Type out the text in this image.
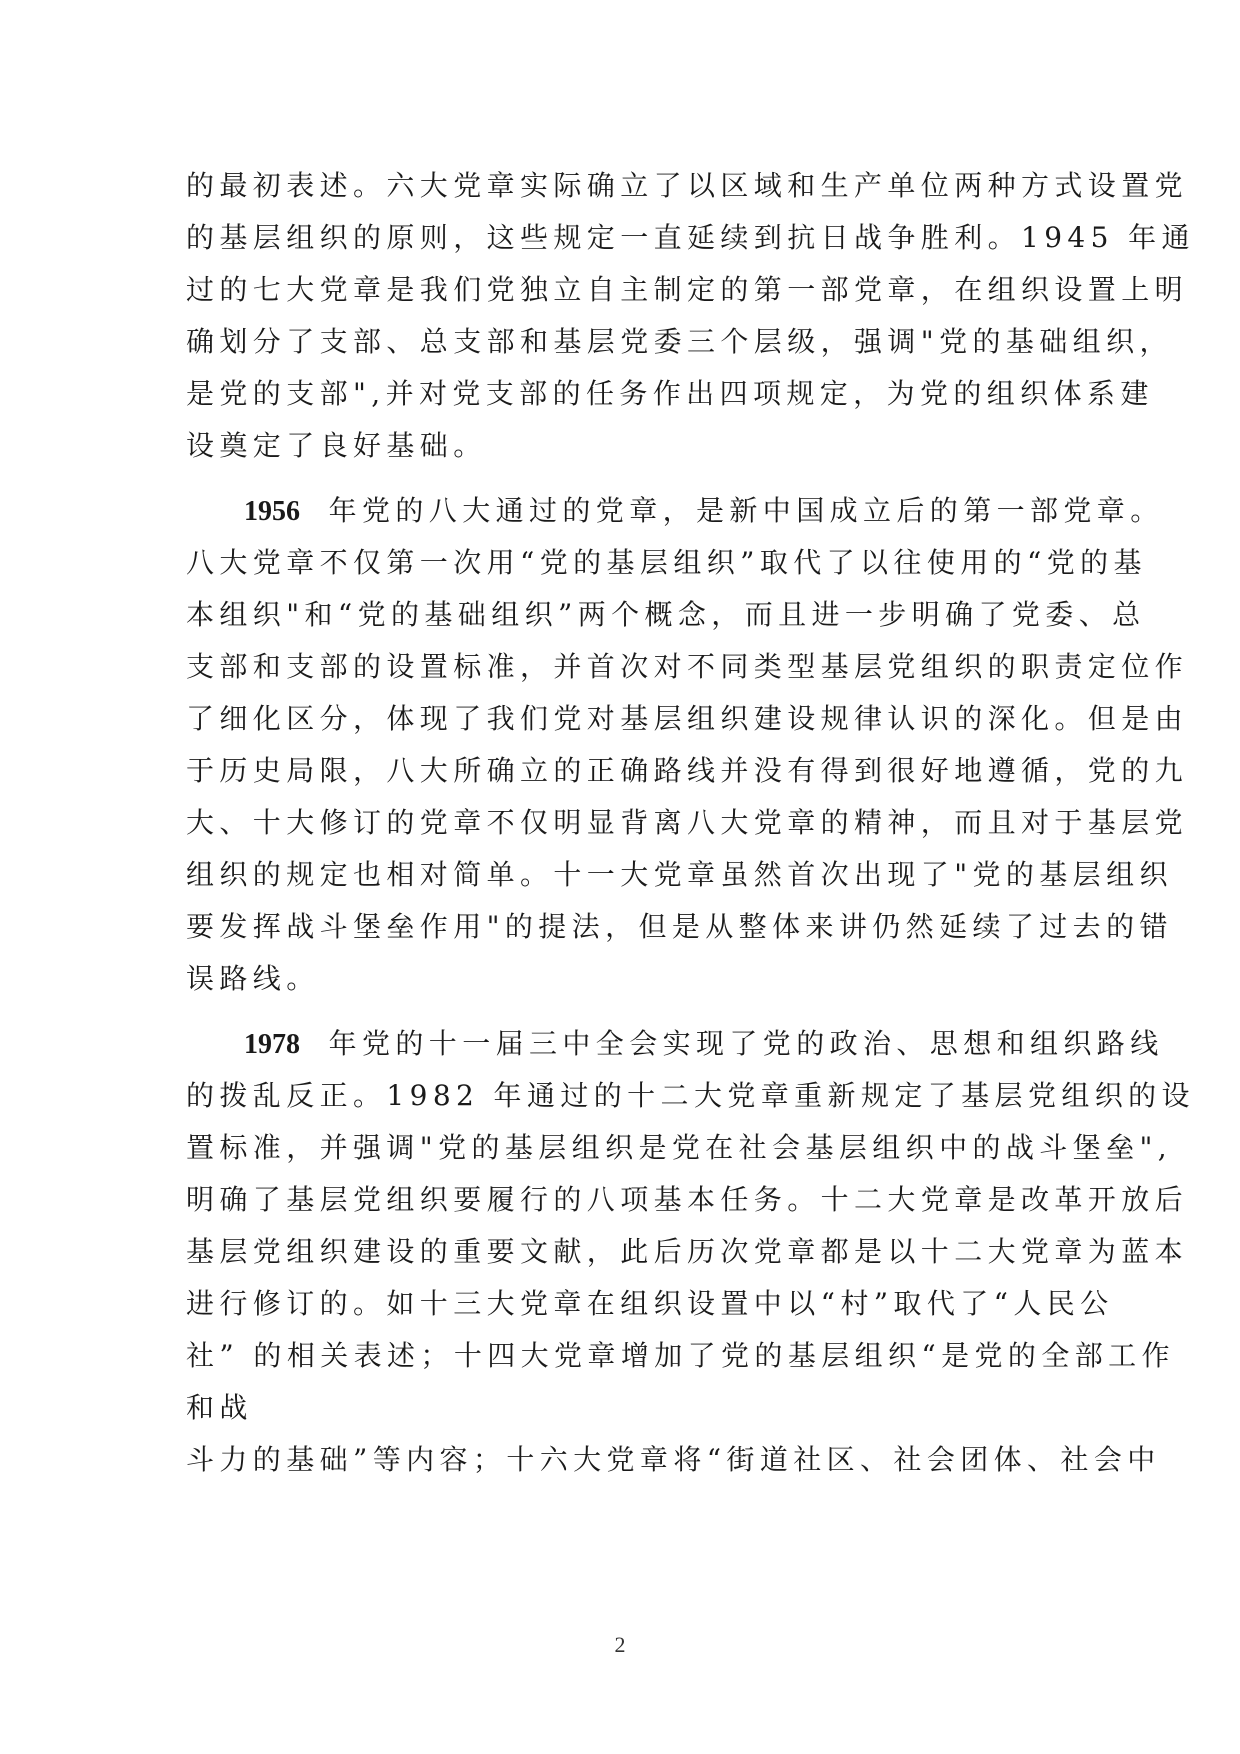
的最初表述。六大党章实际确立了以区域和生产单位两种方式设置党
的基层组织的原则，这些规定一直延续到抗日战争胜利。1945 年通
过的七大党章是我们党独立自主制定的第一部党章，在组织设置上明
确划分了支部、总支部和基层党委三个层级，强调"党的基础组织，
是党的支部",并对党支部的任务作出四项规定，为党的组织体系建
设奠定了良好基础。
1956 年党的八大通过的党章，是新中国成立后的第一部党章。
八大党章不仅第一次用“党的基层组织”取代了以往使用的“党的基
本组织"和“党的基础组织”两个概念，而且进一步明确了党委、总
支部和支部的设置标准，并首次对不同类型基层党组织的职责定位作
了细化区分，体现了我们党对基层组织建设规律认识的深化。但是由
于历史局限，八大所确立的正确路线并没有得到很好地遵循，党的九
大、十大修订的党章不仅明显背离八大党章的精神，而且对于基层党
组织的规定也相对简单。十一大党章虽然首次出现了"党的基层组织
要发挥战斗堡垒作用"的提法，但是从整体来讲仍然延续了过去的错
误路线。
1978 年党的十一届三中全会实现了党的政治、思想和组织路线
的拨乱反正。1982 年通过的十二大党章重新规定了基层党组织的设
置标准，并强调"党的基层组织是党在社会基层组织中的战斗堡垒",
明确了基层党组织要履行的八项基本任务。十二大党章是改革开放后
基层党组织建设的重要文献，此后历次党章都是以十二大党章为蓝本
进行修订的。如十三大党章在组织设置中以“村”取代了“人民公
社” 的相关表述；十四大党章增加了党的基层组织“是党的全部工作
和战
斗力的基础”等内容；十六大党章将“街道社区、社会团体、社会中
2
